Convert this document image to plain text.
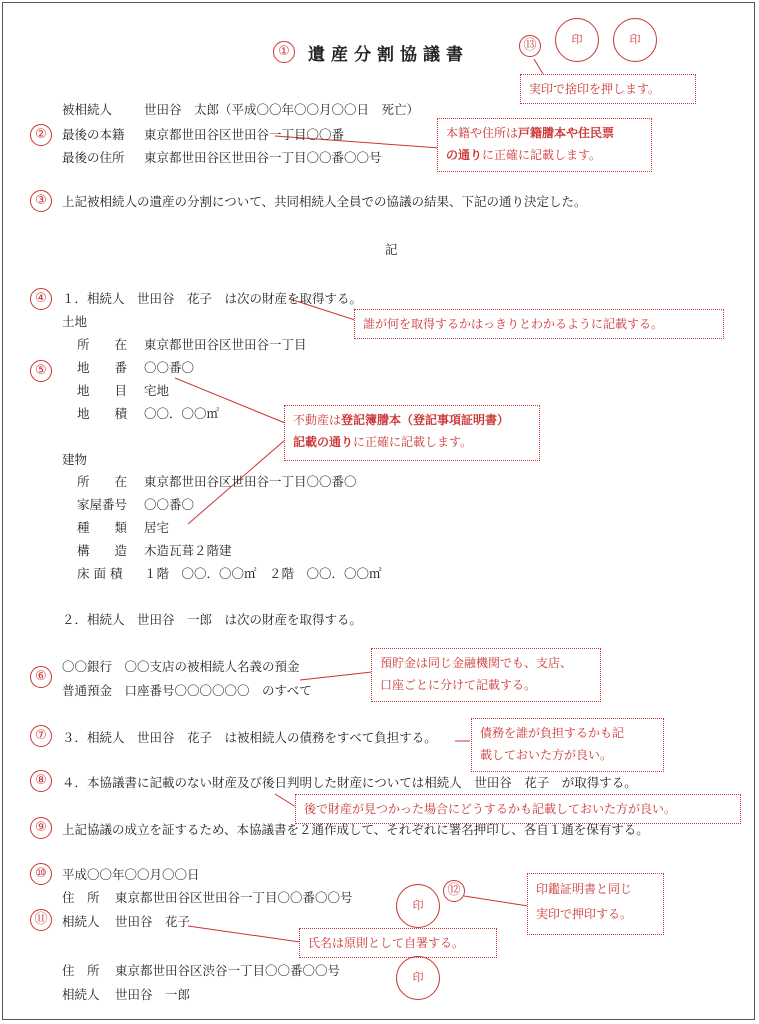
①	遺産分割協議書	⑬	印	印
実印で捨印を押します。
被相続人	世田谷　太郎（平成〇〇年〇〇月〇〇日　死亡）
②	最後の本籍 東京都世田谷区世田谷一丁目〇〇番
最後の住所 東京都世田谷区世田谷一丁目〇〇番〇〇号
本籍や住所は戸籍謄本や住民票
の通りに正確に記載します。
③	上記被相続人の遺産の分割について、共同相続人全員での協議の結果、下記の通り決定した。
記
④	１．相続人　世田谷　花子　は次の財産を取得する。
誰が何を取得するかはっきりとわかるように記載する。
土地
所　　在 東京都世田谷区世田谷一丁目
⑤	地　　番 〇〇番〇
地　　目 宅地
地　　積 〇〇．〇〇㎡	不動産は登記簿謄本（登記事項証明書）
記載の通りに正確に記載します。
建物
所　　在 東京都世田谷区世田谷一丁目〇〇番〇
家屋番号 〇〇番〇
種　　類 居宅
構　　造 木造瓦葺２階建
床 面 積 １階　〇〇．〇〇㎡　２階　〇〇．〇〇㎡
２．相続人　世田谷　一郎　は次の財産を取得する。
⑥
〇〇銀行　〇〇支店の被相続人名義の預金
普通預金　口座番号〇〇〇〇〇〇　のすべて
預貯金は同じ金融機関でも、支店、
口座ごとに分けて記載する。
⑦	３．相続人　世田谷　花子　は被相続人の債務をすべて負担する。	債務を誰が負担するかも記
載しておいた方が良い。
⑧	４．本協議書に記載のない財産及び後日判明した財産については相続人　世田谷　花子　が取得する。
後で財産が見つかった場合にどうするかも記載しておいた方が良い。
⑨	上記協議の成立を証するため、本協議書を２通作成して、それぞれに署名押印し、各自１通を保有する。
⑩	平成〇〇年〇〇月〇〇日
住　所 東京都世田谷区世田谷一丁目〇〇番〇〇号
⑪	相続人 世田谷　花子
印
⑫	印鑑証明書と同じ
実印で押印する。
氏名は原則として自署する。
住　所 東京都世田谷区渋谷一丁目〇〇番〇〇号
相続人 世田谷　一郎
印
